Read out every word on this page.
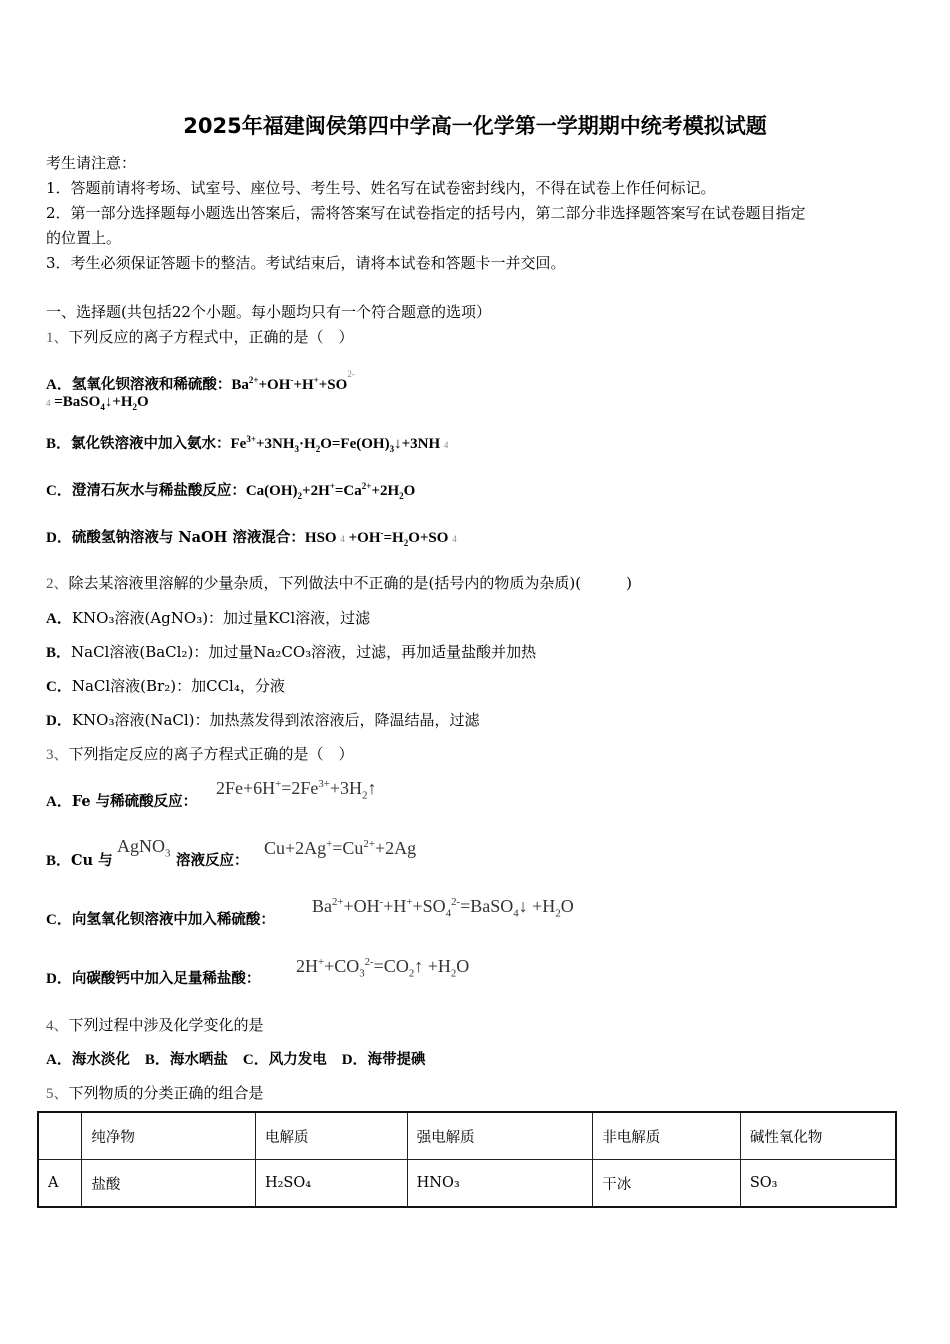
2025年福建闽侯第四中学高一化学第一学期期中统考模拟试题
考生请注意：
1．答题前请将考场、试室号、座位号、考生号、姓名写在试卷密封线内，不得在试卷上作任何标记。
2．第一部分选择题每小题选出答案后，需将答案写在试卷指定的括号内，第二部分非选择题答案写在试卷题目指定
的位置上。
3．考生必须保证答题卡的整洁。考试结束后，请将本试卷和答题卡一并交回。
一、选择题(共包括22个小题。每小题均只有一个符合题意的选项）
1、下列反应的离子方程式中，正确的是（　）
A．氢氧化钡溶液和稀硫酸：$Ba^{2+}+OH^-+H^++SO^{2-}$
$4 =BaSO_4↓+H_2O$
B．氯化铁溶液中加入氨水：$Fe^{3+}+3NH_3\cdot H_2O=Fe(OH)_3↓+3NH$ 4
C．澄清石灰水与稀盐酸反应：$Ca(OH)_2+2H^+=Ca^{2+}+2H_2O$
D．硫酸氢钠溶液与 NaOH 溶液混合：HSO $4 +OH^-=H_2O+SO$ 4
2、除去某溶液里溶解的少量杂质，下列做法中不正确的是(括号内的物质为杂质)(　　　)
A．KNO₃溶液(AgNO₃)：加过量KCl溶液，过滤
B．NaCl溶液(BaCl₂)：加过量Na₂CO₃溶液，过滤，再加适量盐酸并加热
C．NaCl溶液(Br₂)：加CCl₄，分液
D．KNO₃溶液(NaCl)：加热蒸发得到浓溶液后，降温结晶，过滤
3、下列指定反应的离子方程式正确的是（　）
A．Fe 与稀硫酸反应：
$2Fe+6H^+=2Fe^{3+}+3H_2↑$
B．Cu 与
AgNO$_3$ 溶液反应：
$Cu+2Ag^+=Cu^{2+}+2Ag$
C．向氢氧化钡溶液中加入稀硫酸：
$Ba^{2+}+OH^-+H^++SO_4^{2-}=BaSO_4↓ +H_2O$
D．向碳酸钙中加入足量稀盐酸：
$2H^++CO_3^{2-}=CO_2↑ +H_2O$
4、下列过程中涉及化学变化的是
A．海水淡化 B．海水晒盐 C．风力发电 D．海带提碘
5、下列物质的分类正确的组合是
	纯净物	电解质	强电解质	非电解质	碱性氧化物
A	盐酸	H₂SO₄	HNO₃	干冰	SO₃
